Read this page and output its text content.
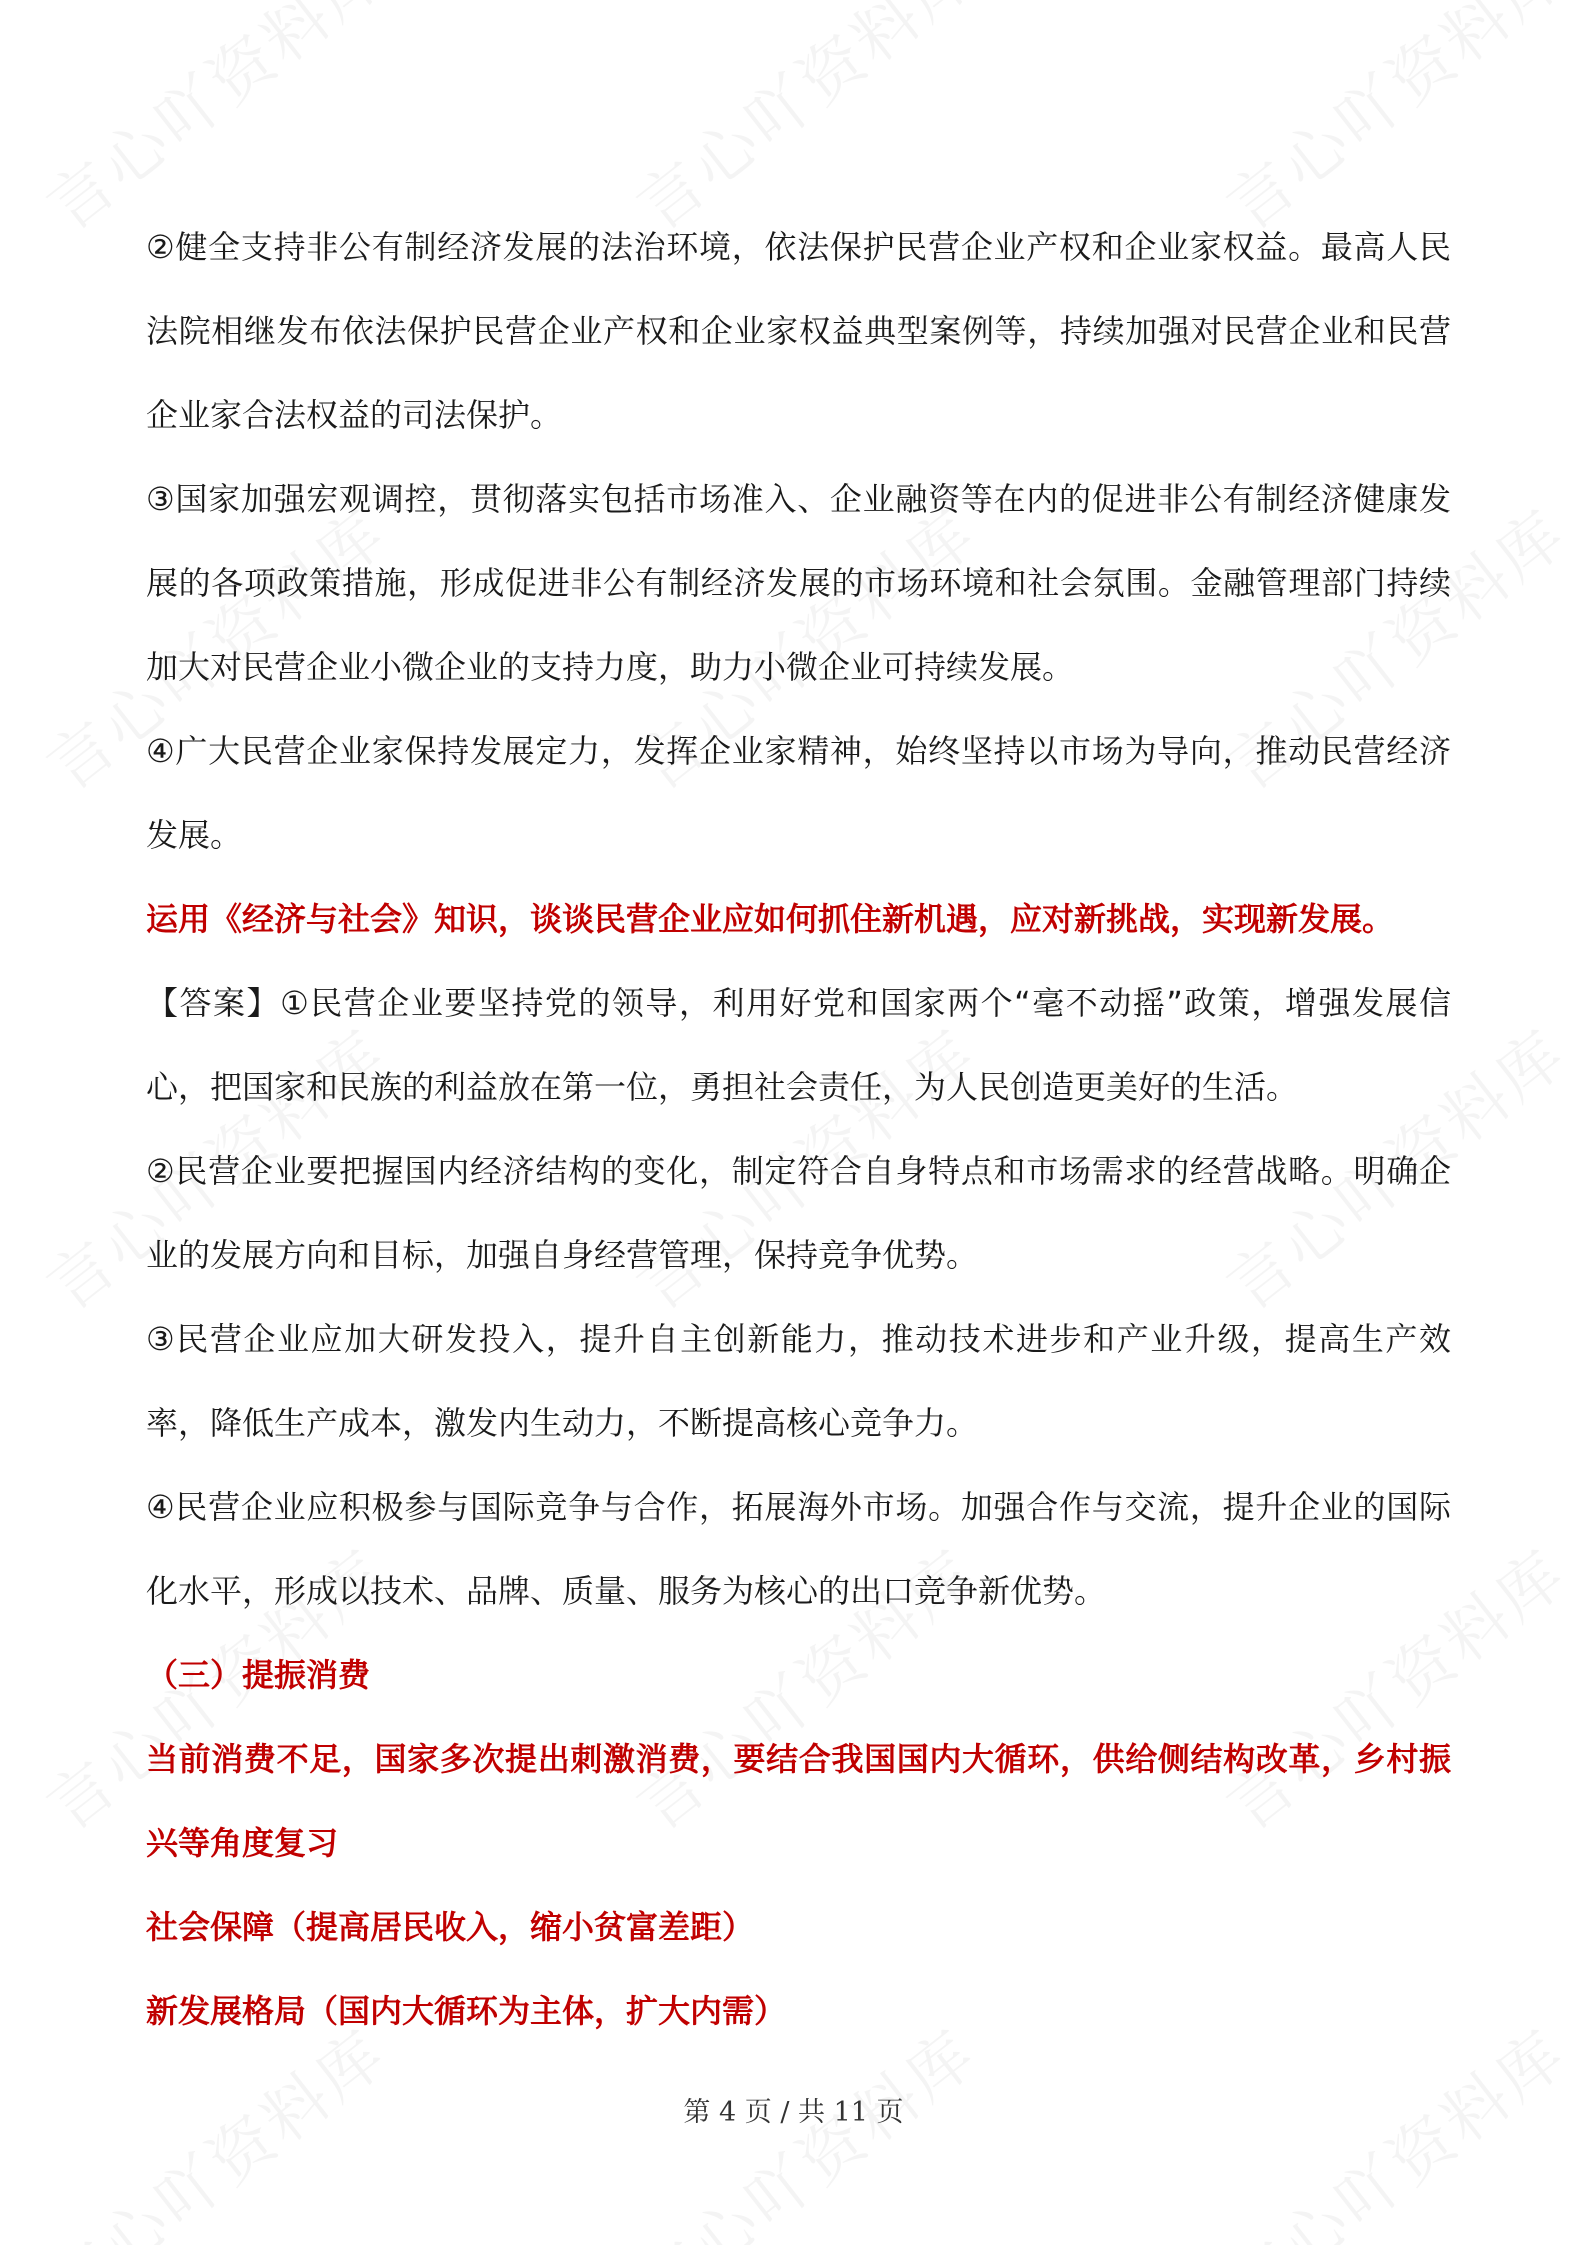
②健全支持非公有制经济发展的法治环境，依法保护民营企业产权和企业家权益。最高人民法院相继发布依法保护民营企业产权和企业家权益典型案例等，持续加强对民营企业和民营企业家合法权益的司法保护。

③国家加强宏观调控，贯彻落实包括市场准入、企业融资等在内的促进非公有制经济健康发展的各项政策措施，形成促进非公有制经济发展的市场环境和社会氛围。金融管理部门持续加大对民营企业小微企业的支持力度，助力小微企业可持续发展。

④广大民营企业家保持发展定力，发挥企业家精神，始终坚持以市场为导向，推动民营经济发展。

运用《经济与社会》知识，谈谈民营企业应如何抓住新机遇，应对新挑战，实现新发展。

【答案】①民营企业要坚持党的领导，利用好党和国家两个“毫不动摇”政策，增强发展信心，把国家和民族的利益放在第一位，勇担社会责任，为人民创造更美好的生活。

②民营企业要把握国内经济结构的变化，制定符合自身特点和市场需求的经营战略。明确企业的发展方向和目标，加强自身经营管理，保持竞争优势。

③民营企业应加大研发投入，提升自主创新能力，推动技术进步和产业升级，提高生产效率，降低生产成本，激发内生动力，不断提高核心竞争力。

④民营企业应积极参与国际竞争与合作，拓展海外市场。加强合作与交流，提升企业的国际化水平，形成以技术、品牌、质量、服务为核心的出口竞争新优势。

（三）提振消费

当前消费不足，国家多次提出刺激消费，要结合我国国内大循环，供给侧结构改革，乡村振兴等角度复习

社会保障（提高居民收入，缩小贫富差距）

新发展格局（国内大循环为主体，扩大内需）

第 4 页 / 共 11 页
